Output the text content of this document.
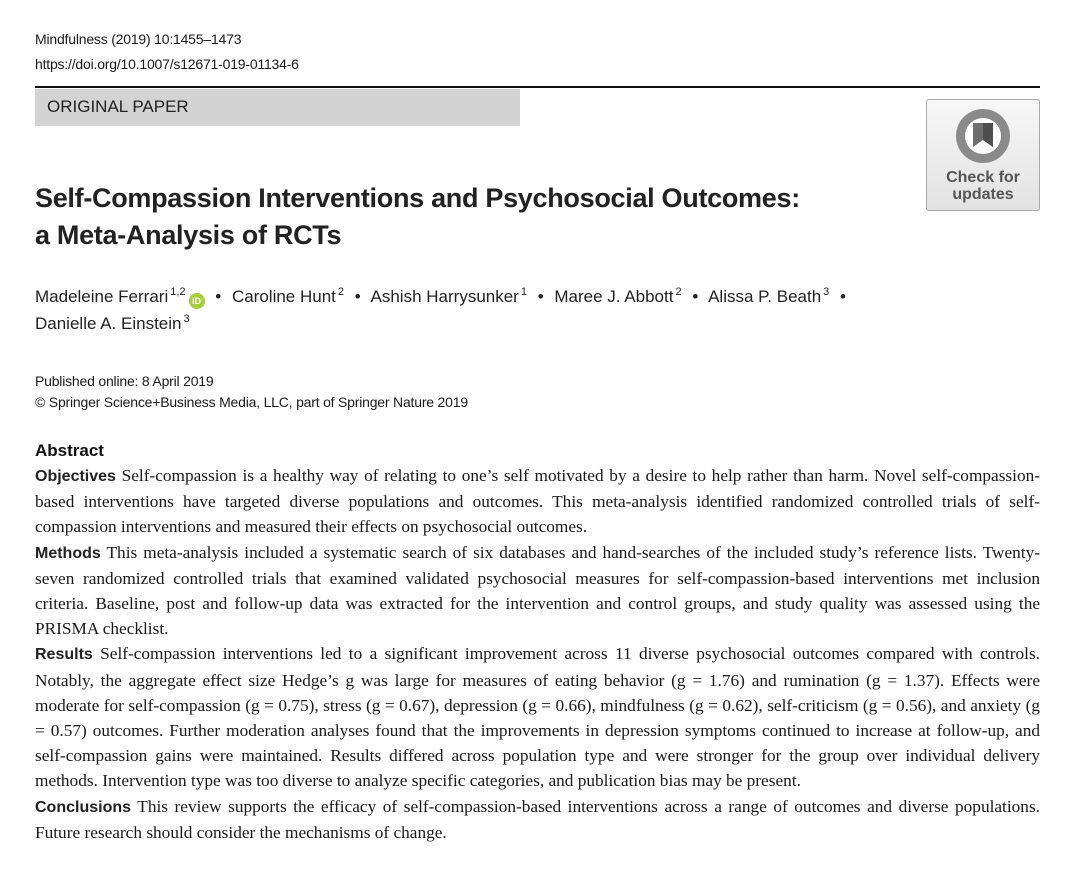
Mindfulness (2019) 10:1455–1473
https://doi.org/10.1007/s12671-019-01134-6
ORIGINAL PAPER
Check for
updates
Self-Compassion Interventions and Psychosocial Outcomes:
a Meta-Analysis of RCTs
Madeleine Ferrari $^{1,2}$iD • Caroline Hunt $^2$ • Ashish Harrysunker $^1$ • Maree J. Abbott $^2$ • Alissa P. Beath $^3$ •
Danielle A. Einstein $^3$
Published online: 8 April 2019
© Springer Science+Business Media, LLC, part of Springer Nature 2019
Abstract

Objectives Self-compassion is a healthy way of relating to one’s self motivated by a desire to help rather than harm. Novel self-compassion-based interventions have targeted diverse populations and outcomes. This meta-analysis identified randomized controlled trials of self-compassion interventions and measured their effects on psychosocial outcomes.

Methods This meta-analysis included a systematic search of six databases and hand-searches of the included study’s reference lists. Twenty-seven randomized controlled trials that examined validated psychosocial measures for self-compassion-based interventions met inclusion criteria. Baseline, post and follow-up data was extracted for the intervention and control groups, and study quality was assessed using the PRISMA checklist.

Results Self-compassion interventions led to a significant improvement across 11 diverse psychosocial outcomes compared with controls. Notably, the aggregate effect size Hedge’s g was large for measures of eating behavior (g = 1.76) and rumination (g = 1.37). Effects were moderate for self-compassion (g = 0.75), stress (g = 0.67), depression (g = 0.66), mindfulness (g = 0.62), self-criticism (g = 0.56), and anxiety (g = 0.57) outcomes. Further moderation analyses found that the improvements in depression symptoms continued to increase at follow-up, and self-compassion gains were maintained. Results differed across population type and were stronger for the group over individual delivery methods. Intervention type was too diverse to analyze specific categories, and publication bias may be present.

Conclusions This review supports the efficacy of self-compassion-based interventions across a range of outcomes and diverse populations. Future research should consider the mechanisms of change.
